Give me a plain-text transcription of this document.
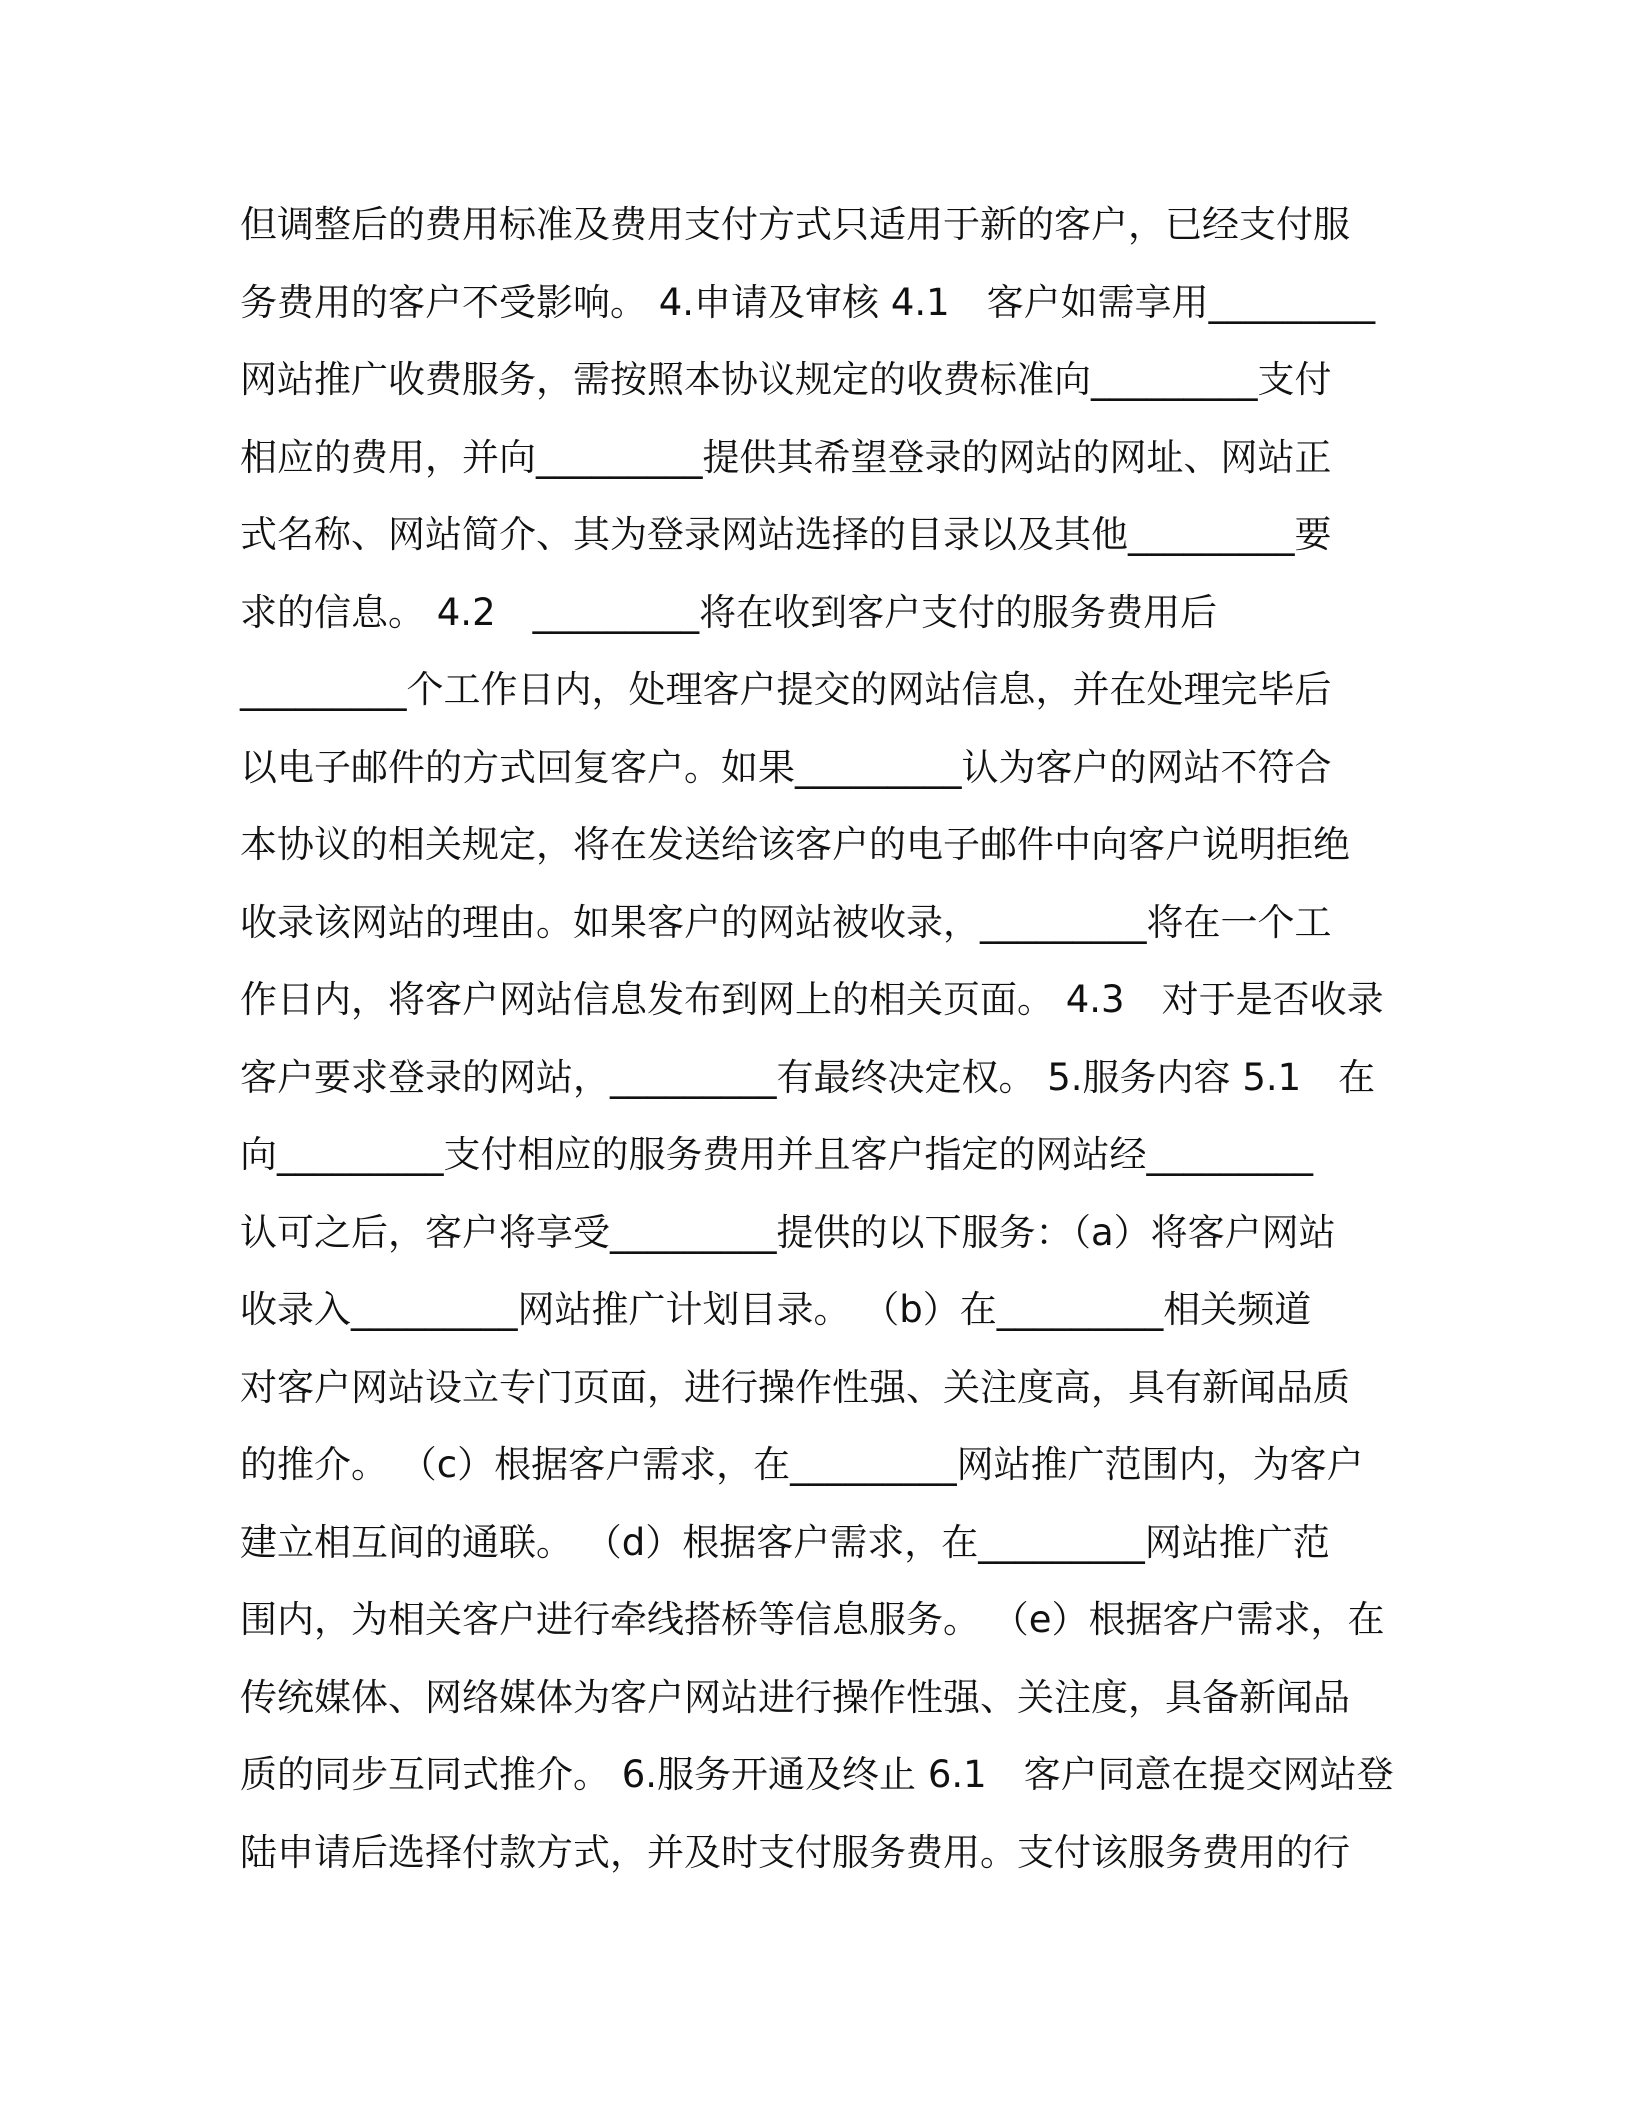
但调整后的费用标准及费用支付方式只适用于新的客户，已经支付服
务费用的客户不受影响。 4.申请及审核 4.1　客户如需享用_________
网站推广收费服务，需按照本协议规定的收费标准向_________支付
相应的费用，并向_________提供其希望登录的网站的网址、网站正
式名称、网站简介、其为登录网站选择的目录以及其他_________要
求的信息。 4.2　_________将在收到客户支付的服务费用后
_________个工作日内，处理客户提交的网站信息，并在处理完毕后
以电子邮件的方式回复客户。如果_________认为客户的网站不符合
本协议的相关规定，将在发送给该客户的电子邮件中向客户说明拒绝
收录该网站的理由。如果客户的网站被收录，_________将在一个工
作日内，将客户网站信息发布到网上的相关页面。 4.3　对于是否收录
客户要求登录的网站，_________有最终决定权。 5.服务内容 5.1　在
向_________支付相应的服务费用并且客户指定的网站经_________
认可之后，客户将享受_________提供的以下服务：（a）将客户网站
收录入_________网站推广计划目录。 （b）在_________相关频道
对客户网站设立专门页面，进行操作性强、关注度高，具有新闻品质
的推介。 （c）根据客户需求，在_________网站推广范围内，为客户
建立相互间的通联。 （d）根据客户需求，在_________网站推广范
围内，为相关客户进行牵线搭桥等信息服务。 （e）根据客户需求，在
传统媒体、网络媒体为客户网站进行操作性强、关注度，具备新闻品
质的同步互同式推介。 6.服务开通及终止 6.1　客户同意在提交网站登
陆申请后选择付款方式，并及时支付服务费用。支付该服务费用的行
